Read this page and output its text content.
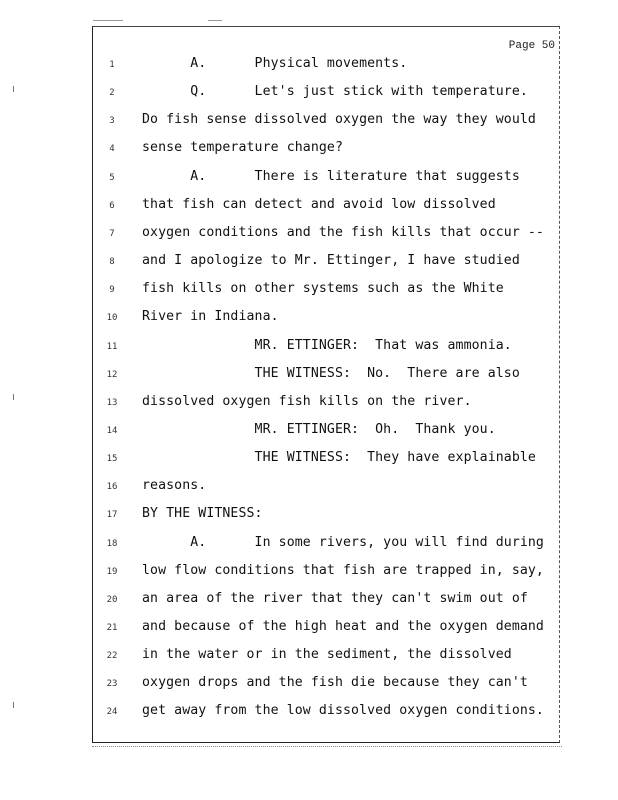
Page 50
1	A.      Physical movements.
2	Q.      Let's just stick with temperature.
3	Do fish sense dissolved oxygen the way they would
4	sense temperature change?
5	A.      There is literature that suggests
6	that fish can detect and avoid low dissolved
7	oxygen conditions and the fish kills that occur --
8	and I apologize to Mr. Ettinger, I have studied
9	fish kills on other systems such as the White
10	River in Indiana.
11	MR. ETTINGER:  That was ammonia.
12	THE WITNESS:  No.  There are also
13	dissolved oxygen fish kills on the river.
14	MR. ETTINGER:  Oh.  Thank you.
15	THE WITNESS:  They have explainable
16	reasons.
17	BY THE WITNESS:
18	A.      In some rivers, you will find during
19	low flow conditions that fish are trapped in, say,
20	an area of the river that they can't swim out of
21	and because of the high heat and the oxygen demand
22	in the water or in the sediment, the dissolved
23	oxygen drops and the fish die because they can't
24	get away from the low dissolved oxygen conditions.
